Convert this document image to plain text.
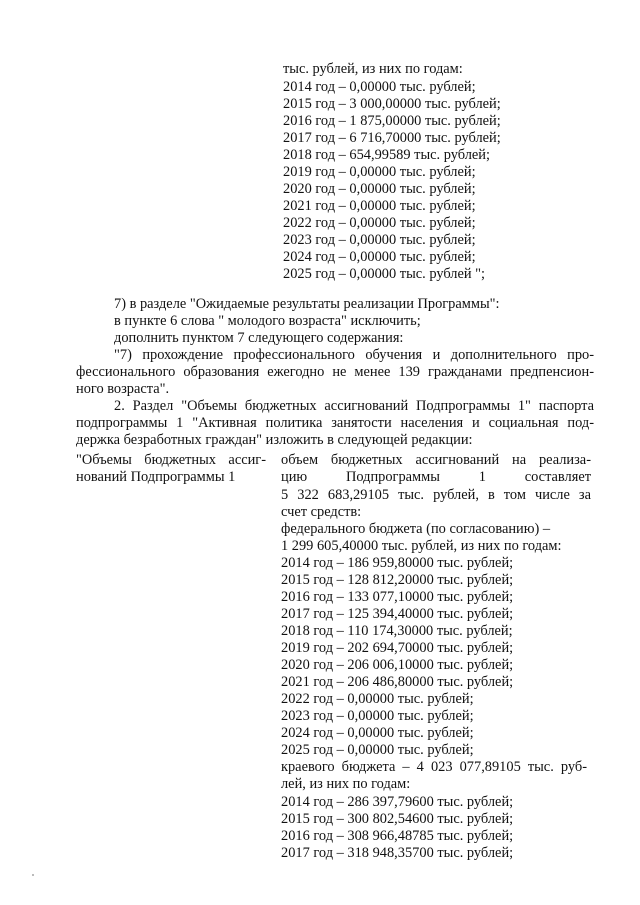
тыс. рублей, из них по годам:
2014 год – 0,00000 тыс. рублей;
2015 год – 3 000,00000 тыс. рублей;
2016 год – 1 875,00000 тыс. рублей;
2017 год – 6 716,70000 тыс. рублей;
2018 год – 654,99589 тыс. рублей;
2019 год – 0,00000 тыс. рублей;
2020 год – 0,00000 тыс. рублей;
2021 год – 0,00000 тыс. рублей;
2022 год – 0,00000 тыс. рублей;
2023 год – 0,00000 тыс. рублей;
2024 год – 0,00000 тыс. рублей;
2025 год – 0,00000 тыс. рублей ";
7) в разделе "Ожидаемые результаты реализации Программы":
в пункте 6 слова " молодого возраста" исключить;
дополнить пунктом 7 следующего содержания:
"7) прохождение профессионального обучения и дополнительного про-
фессионального образования ежегодно не менее 139 гражданами предпенсион-
ного возраста".
2. Раздел "Объемы бюджетных ассигнований Подпрограммы 1" паспорта
подпрограммы 1 "Активная политика занятости населения и социальная под-
держка безработных граждан" изложить в следующей редакции:
"Объемы бюджетных ассиг-
нований Подпрограммы 1
объем бюджетных ассигнований на реализа-
цию Подпрограммы 1 составляет
5 322 683,29105 тыс. рублей, в том числе за
счет средств:
федерального бюджета (по согласованию) –
1 299 605,40000 тыс. рублей, из них по годам:
2014 год – 186 959,80000 тыс. рублей;
2015 год – 128 812,20000 тыс. рублей;
2016 год – 133 077,10000 тыс. рублей;
2017 год – 125 394,40000 тыс. рублей;
2018 год – 110 174,30000 тыс. рублей;
2019 год – 202 694,70000 тыс. рублей;
2020 год – 206 006,10000 тыс. рублей;
2021 год – 206 486,80000 тыс. рублей;
2022 год – 0,00000 тыс. рублей;
2023 год – 0,00000 тыс. рублей;
2024 год – 0,00000 тыс. рублей;
2025 год – 0,00000 тыс. рублей;
краевого бюджета – 4 023 077,89105 тыс. руб-
лей, из них по годам:
2014 год – 286 397,79600 тыс. рублей;
2015 год – 300 802,54600 тыс. рублей;
2016 год – 308 966,48785 тыс. рублей;
2017 год – 318 948,35700 тыс. рублей;
